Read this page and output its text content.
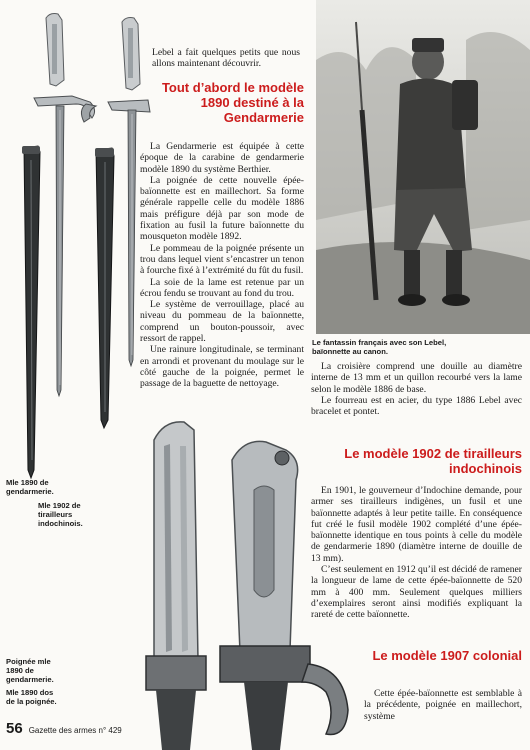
Lebel a fait quelques petits que nous allons maintenant découvrir.

Tout d’abord le modèle 1890 destiné à la Gendarmerie

La Gendarmerie est équipée à cette époque de la carabine de gendarmerie modèle 1890 du système Berthier.

La poignée de cette nouvelle épée-baïonnette est en maillechort. Sa forme générale rappelle celle du modèle 1886 mais préfigure déjà par son mode de fixation au fusil la future baïonnette du mousqueton modèle 1892.

Le pommeau de la poignée présente un trou dans lequel vient s’encastrer un tenon à fourche fixé à l’extrémité du fût du fusil.

La soie de la lame est retenue par un écrou fendu se trouvant au fond du trou.

Le système de verrouillage, placé au niveau du pommeau de la baïonnette, comprend un bouton-poussoir, avec ressort de rappel.

Une rainure longitudinale, se terminant en arrondi et provenant du moulage sur le côté gauche de la poignée, permet le passage de la baguette de nettoyage.

Le fantassin français avec son Lebel, baïonnette au canon.

La croisière comprend une douille au diamètre interne de 13 mm et un quillon recourbé vers la lame selon le modèle 1886 de base.

Le fourreau est en acier, du type 1886 Lebel avec bracelet et pontet.

Le modèle 1902 de tirailleurs indochinois

En 1901, le gouverneur d’Indochine demande, pour armer ses tirailleurs indigènes, un fusil et une baïonnette adaptés à leur petite taille. En conséquence fut créé le fusil modèle 1902 complété d’une épée-baïonnette identique en tous points à celle du modèle de gendarmerie 1890 (diamètre interne de douille de 13 mm).

C’est seulement en 1912 qu’il est décidé de ramener la longueur de lame de cette épée-baïonnette de 520 mm à 400 mm. Seulement quelques milliers d’exemplaires seront ainsi modifiés expliquant la rareté de cette baïonnette.

Le modèle 1907 colonial

Cette épée-baïonnette est semblable à la précédente, poignée en maillechort, système

Mle 1890 de gendarmerie.

Mle 1902 de tirailleurs indochinois.

Poignée mle 1890 de gendarmerie.

Mle 1890 dos de la poignée.

56 Gazette des armes n° 429
